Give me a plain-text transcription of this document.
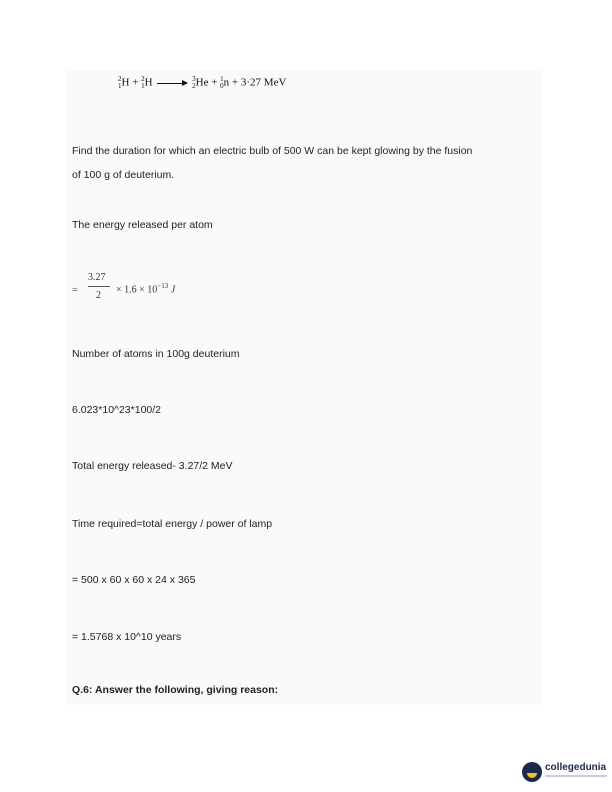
2
1H + 2
1H → 3
2He + 1
0n + 3·27 MeV
Find the duration for which an electric bulb of 500 W can be kept glowing by the fusion
of 100 g of deuterium.
The energy released per atom
=
3.27
2
× $1.6 \times 10^{-13}$ J
Number of atoms in 100g deuterium
6.023*10^23*100/2
Total energy released- 3.27/2 MeV
Time required=total energy / power of lamp
= 500 x 60 x 60 x 24 x 365
= 1.5768 x 10^10 years
Q.6: Answer the following, giving reason:
collegedunia
